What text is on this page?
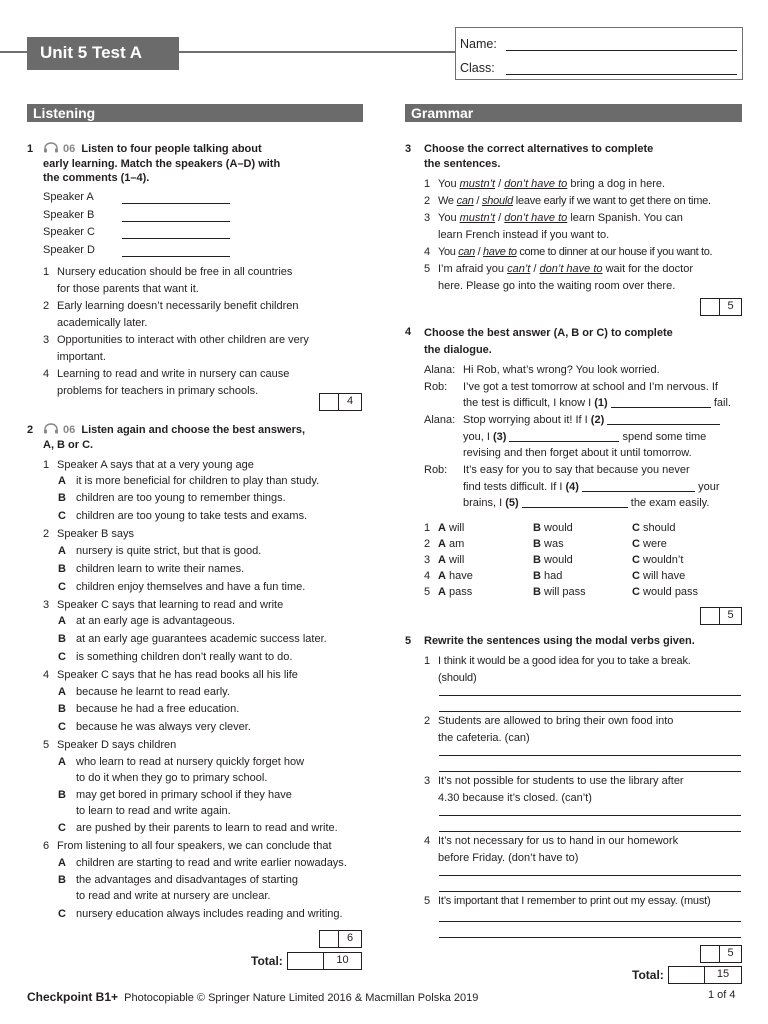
Unit 5 Test A	Name:
Class:
Listening	Grammar
1	06 Listen to four people talking about
early learning. Match the speakers (A–D) with
the comments (1–4).
Speaker A
Speaker B
Speaker C
Speaker D
1 Nursery education should be free in all countries
for those parents that want it.
2 Early learning doesn’t necessarily benefit children
academically later.
3 Opportunities to interact with other children are very
important.
4 Learning to read and write in nursery can cause
problems for teachers in primary schools.
4
2	06 Listen again and choose the best answers,
A, B or C.
1 Speaker A says that at a very young age
A it is more beneficial for children to play than study.
B children are too young to remember things.
C children are too young to take tests and exams.
2 Speaker B says
A nursery is quite strict, but that is good.
B children learn to write their names.
C children enjoy themselves and have a fun time.
3 Speaker C says that learning to read and write
A at an early age is advantageous.
B at an early age guarantees academic success later.
C is something children don’t really want to do.
4 Speaker C says that he has read books all his life
A because he learnt to read early.
B because he had a free education.
C because he was always very clever.
5 Speaker D says children
A who learn to read at nursery quickly forget how
to do it when they go to primary school.
B may get bored in primary school if they have
to learn to read and write again.
C are pushed by their parents to learn to read and write.
6 From listening to all four speakers, we can conclude that
A children are starting to read and write earlier nowadays.
B the advantages and disadvantages of starting
to read and write at nursery are unclear.
C nursery education always includes reading and writing.
6
Total:	10
3 Choose the correct alternatives to complete
the sentences.
1 You mustn’t / don’t have to bring a dog in here.
2 We can / should leave early if we want to get there on time.
3 You mustn’t / don’t have to learn Spanish. You can
learn French instead if you want to.
4 You can / have to come to dinner at our house if you want to.
5 I’m afraid you can’t / don’t have to wait for the doctor
here. Please go into the waiting room over there.
5
4 Choose the best answer (A, B or C) to complete
the dialogue.
Alana: Hi Rob, what’s wrong? You look worried.
Rob: I’ve got a test tomorrow at school and I’m nervous. If
the test is difficult, I know I (1)	fail.
Alana: Stop worrying about it! If I (2)
you, I (3)	spend some time
revising and then forget about it until tomorrow.
Rob: It’s easy for you to say that because you never
find tests difficult. If I (4)	your
brains, I (5)	the exam easily.
1 A will	B would	C should
2 A am	B was	C were
3 A will	B would	C wouldn’t
4 A have	B had	C will have
5 A pass	B will pass	C would pass
5
5 Rewrite the sentences using the modal verbs given.
1 I think it would be a good idea for you to take a break.
(should)
2 Students are allowed to bring their own food into
the cafeteria. (can)
3 It’s not possible for students to use the library after
4.30 because it’s closed. (can’t)
4 It’s not necessary for us to hand in our homework
before Friday. (don’t have to)
5 It’s important that I remember to print out my essay. (must)
5
Total:	15
Checkpoint B1+ Photocopiable © Springer Nature Limited 2016 & Macmillan Polska 2019	1 of 4
